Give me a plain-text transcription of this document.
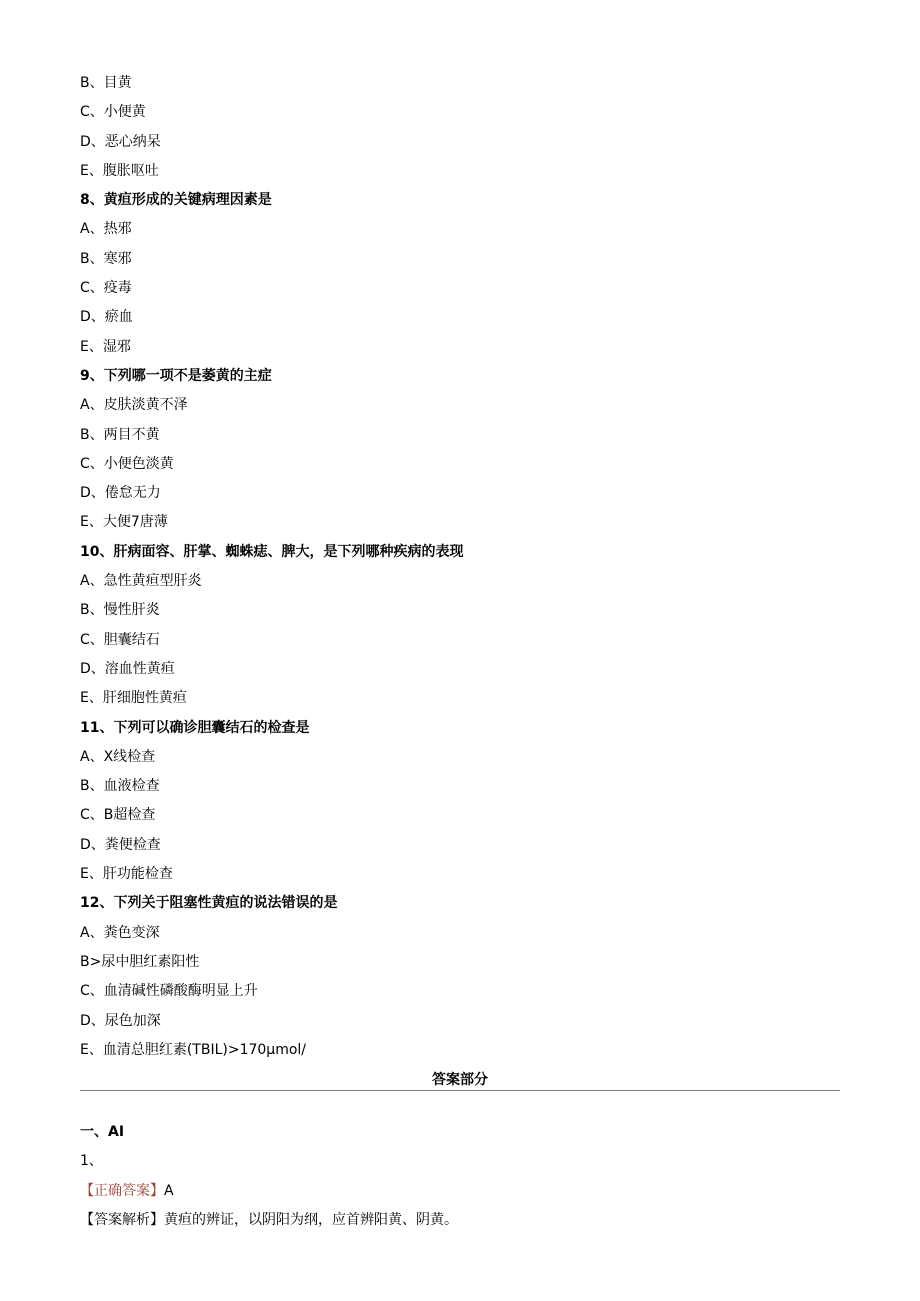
B、目黄
C、小便黄
D、恶心纳呆
E、腹胀呕吐
8、黄疸形成的关键病理因素是
A、热邪
B、寒邪
C、疫毒
D、瘀血
E、湿邪
9、下列哪一项不是萎黄的主症
A、皮肤淡黄不泽
B、两目不黄
C、小便色淡黄
D、倦怠无力
E、大便7唐薄
10、肝病面容、肝掌、蜘蛛痣、脾大，是下列哪种疾病的表现
A、急性黄疸型肝炎
B、慢性肝炎
C、胆囊结石
D、溶血性黄疸
E、肝细胞性黄疸
11、下列可以确诊胆囊结石的检查是
A、X线检查
B、血液检查
C、B超检查
D、粪便检查
E、肝功能检查
12、下列关于阻塞性黄疸的说法错误的是
A、粪色变深
B>尿中胆红素阳性
C、血清碱性磷酸酶明显上升
D、尿色加深
E、血清总胆红素(TBIL)>170μmol/
答案部分
一、AI
1、
【正确答案】A
【答案解析】黄疸的辨证，以阴阳为纲，应首辨阳黄、阴黄。
